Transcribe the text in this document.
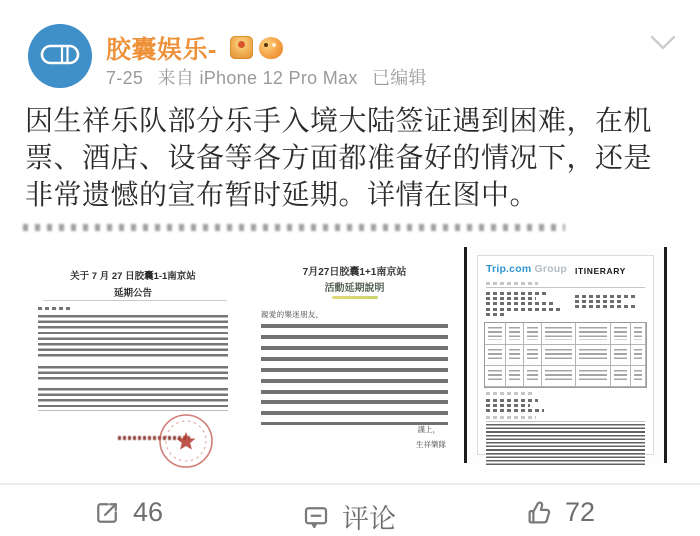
胶囊娱乐-
7-25 来自 iPhone 12 Pro Max 已编辑
因生祥乐队部分乐手入境大陆签证遇到困难，在机
票、酒店、设备等各方面都准备好的情况下，还是
非常遗憾的宣布暂时延期。详情在图中。
关于 7 月 27 日胶囊1-1南京站
延期公告
7月27日胶囊1+1南京站
活動延期說明
親愛的樂迷朋友，
謹上，
生祥樂隊
Trip.com Group ITINERARY
46	评论	72
